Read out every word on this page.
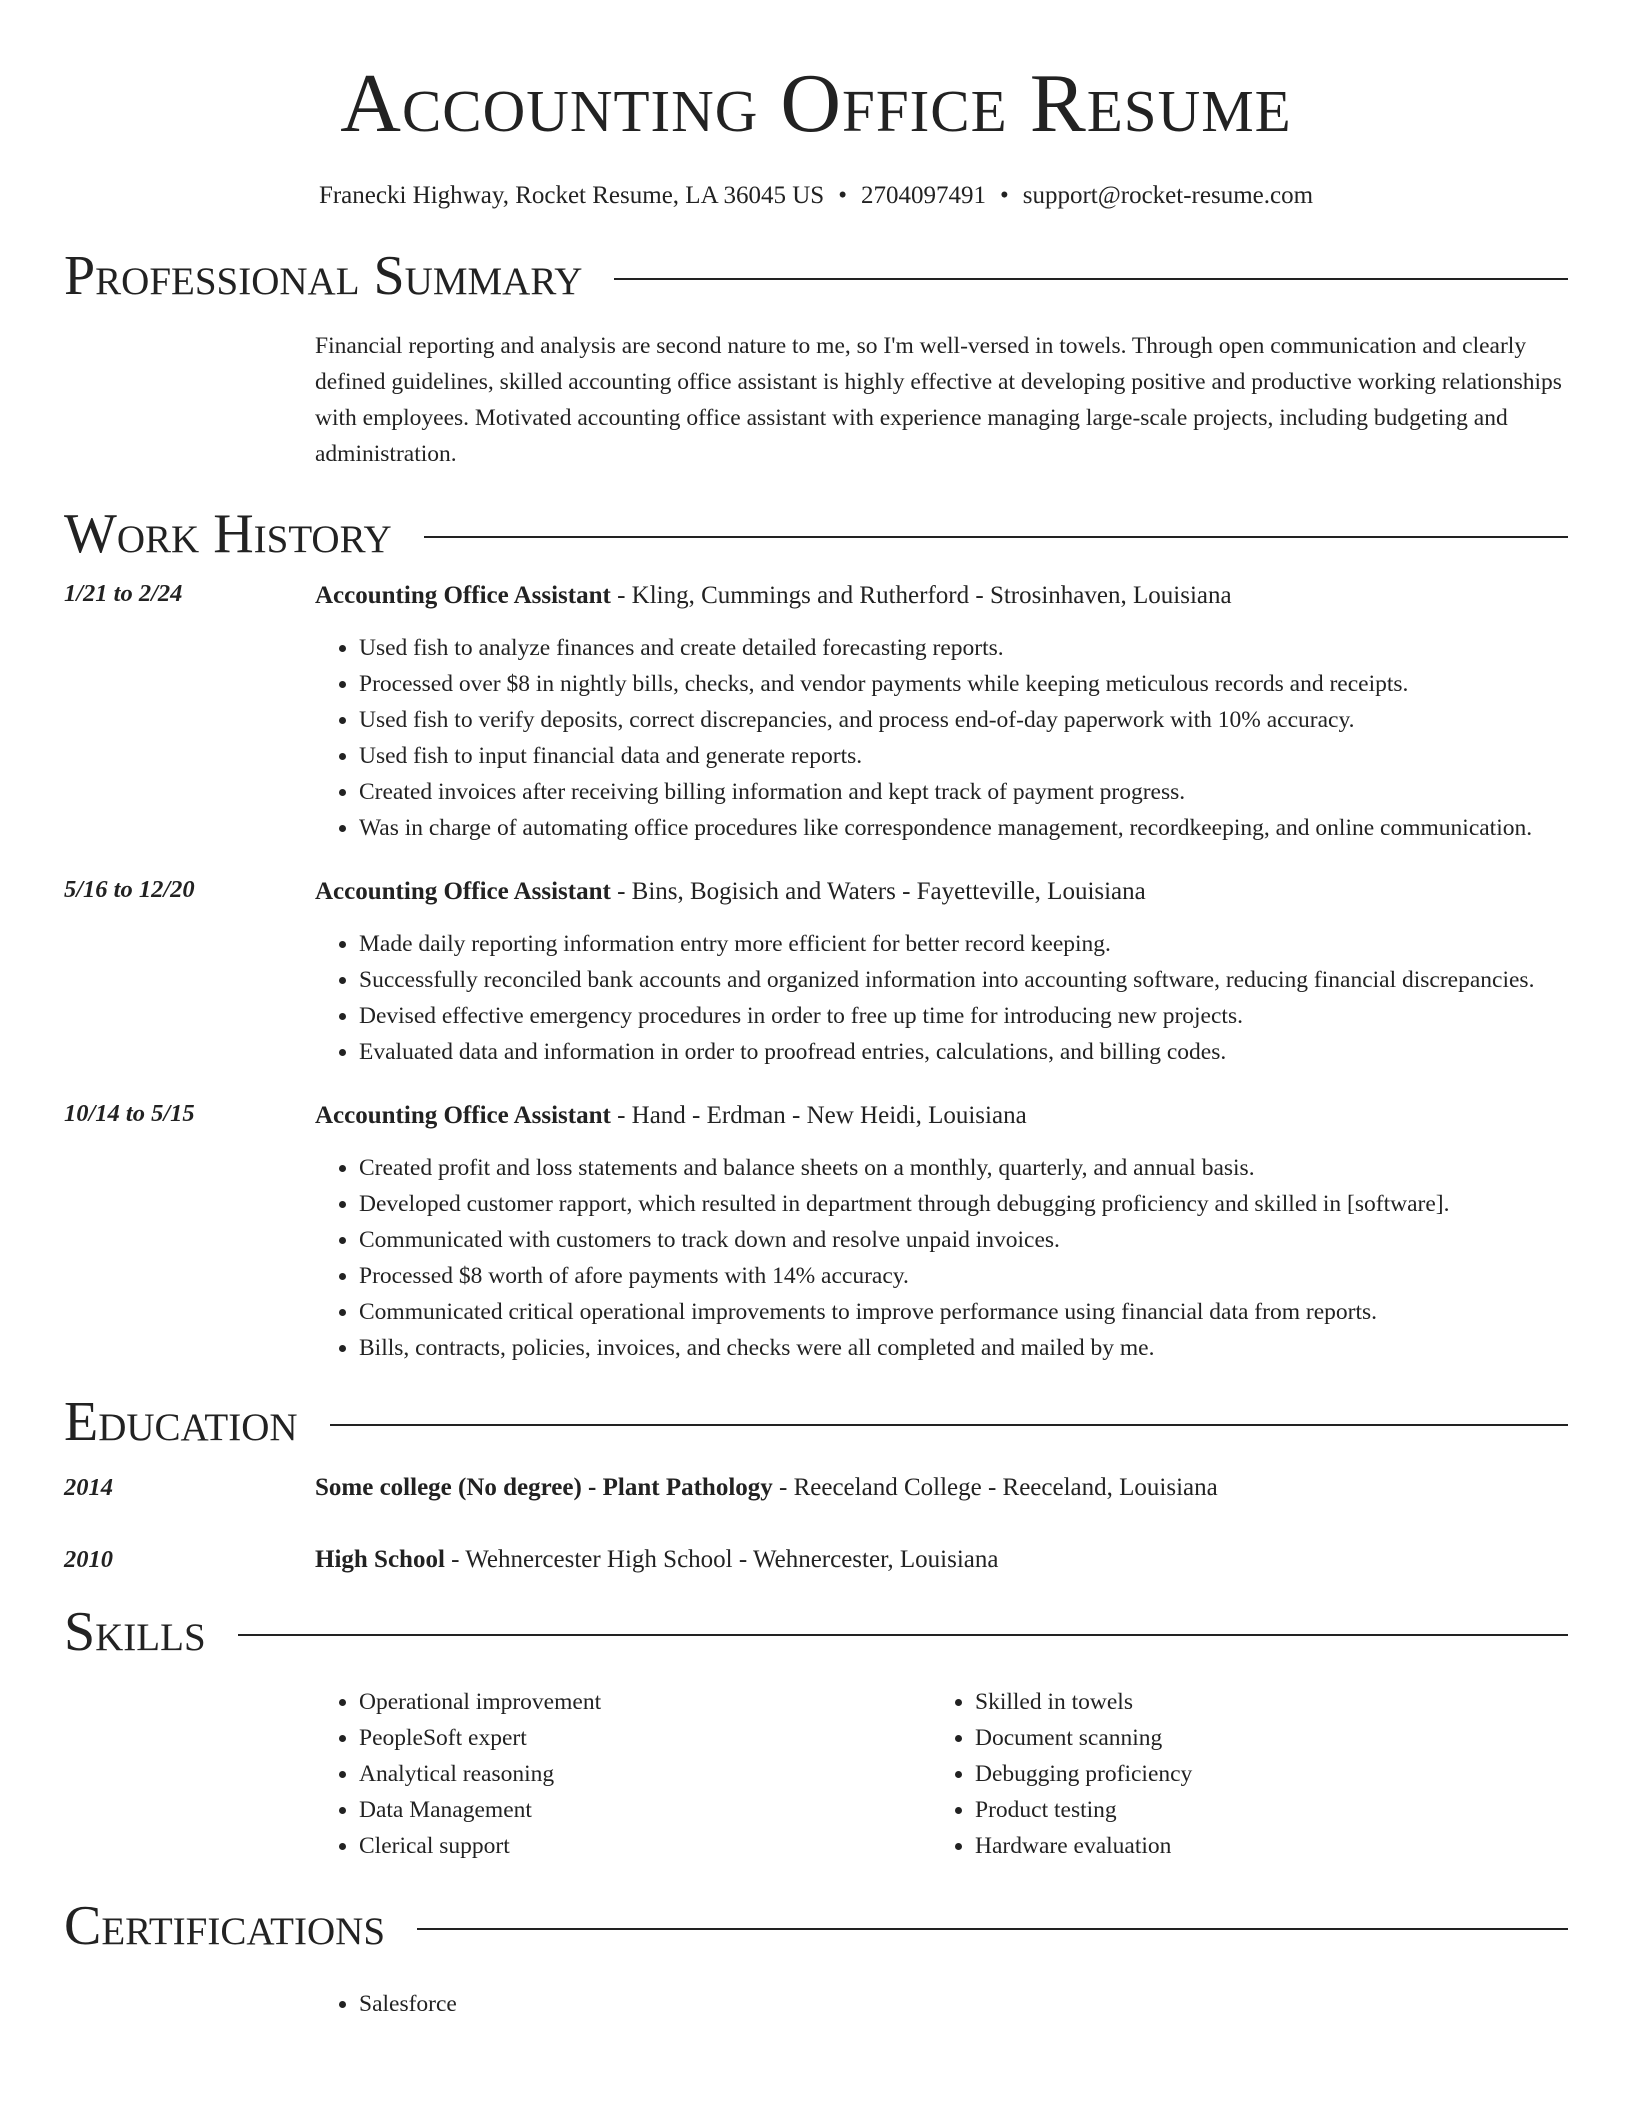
Accounting Office Resume
Franecki Highway, Rocket Resume, LA 36045 US • 2704097491 • support@rocket-resume.com
Professional Summary
Financial reporting and analysis are second nature to me, so I'm well-versed in towels. Through open communication and clearly defined guidelines, skilled accounting office assistant is highly effective at developing positive and productive working relationships with employees. Motivated accounting office assistant with experience managing large-scale projects, including budgeting and administration.
Work History
1/21 to 2/24	Accounting Office Assistant - Kling, Cummings and Rutherford - Strosinhaven, Louisiana
• Used fish to analyze finances and create detailed forecasting reports.
• Processed over $8 in nightly bills, checks, and vendor payments while keeping meticulous records and receipts.
• Used fish to verify deposits, correct discrepancies, and process end-of-day paperwork with 10% accuracy.
• Used fish to input financial data and generate reports.
• Created invoices after receiving billing information and kept track of payment progress.
• Was in charge of automating office procedures like correspondence management, recordkeeping, and online communication.
5/16 to 12/20	Accounting Office Assistant - Bins, Bogisich and Waters - Fayetteville, Louisiana
• Made daily reporting information entry more efficient for better record keeping.
• Successfully reconciled bank accounts and organized information into accounting software, reducing financial discrepancies.
• Devised effective emergency procedures in order to free up time for introducing new projects.
• Evaluated data and information in order to proofread entries, calculations, and billing codes.
10/14 to 5/15	Accounting Office Assistant - Hand - Erdman - New Heidi, Louisiana
• Created profit and loss statements and balance sheets on a monthly, quarterly, and annual basis.
• Developed customer rapport, which resulted in department through debugging proficiency and skilled in [software].
• Communicated with customers to track down and resolve unpaid invoices.
• Processed $8 worth of afore payments with 14% accuracy.
• Communicated critical operational improvements to improve performance using financial data from reports.
• Bills, contracts, policies, invoices, and checks were all completed and mailed by me.
Education
2014	Some college (No degree) - Plant Pathology - Reeceland College - Reeceland, Louisiana
2010	High School - Wehnercester High School - Wehnercester, Louisiana
Skills
• Operational improvement
• PeopleSoft expert
• Analytical reasoning
• Data Management
• Clerical support
• Skilled in towels
• Document scanning
• Debugging proficiency
• Product testing
• Hardware evaluation
Certifications
• Salesforce
